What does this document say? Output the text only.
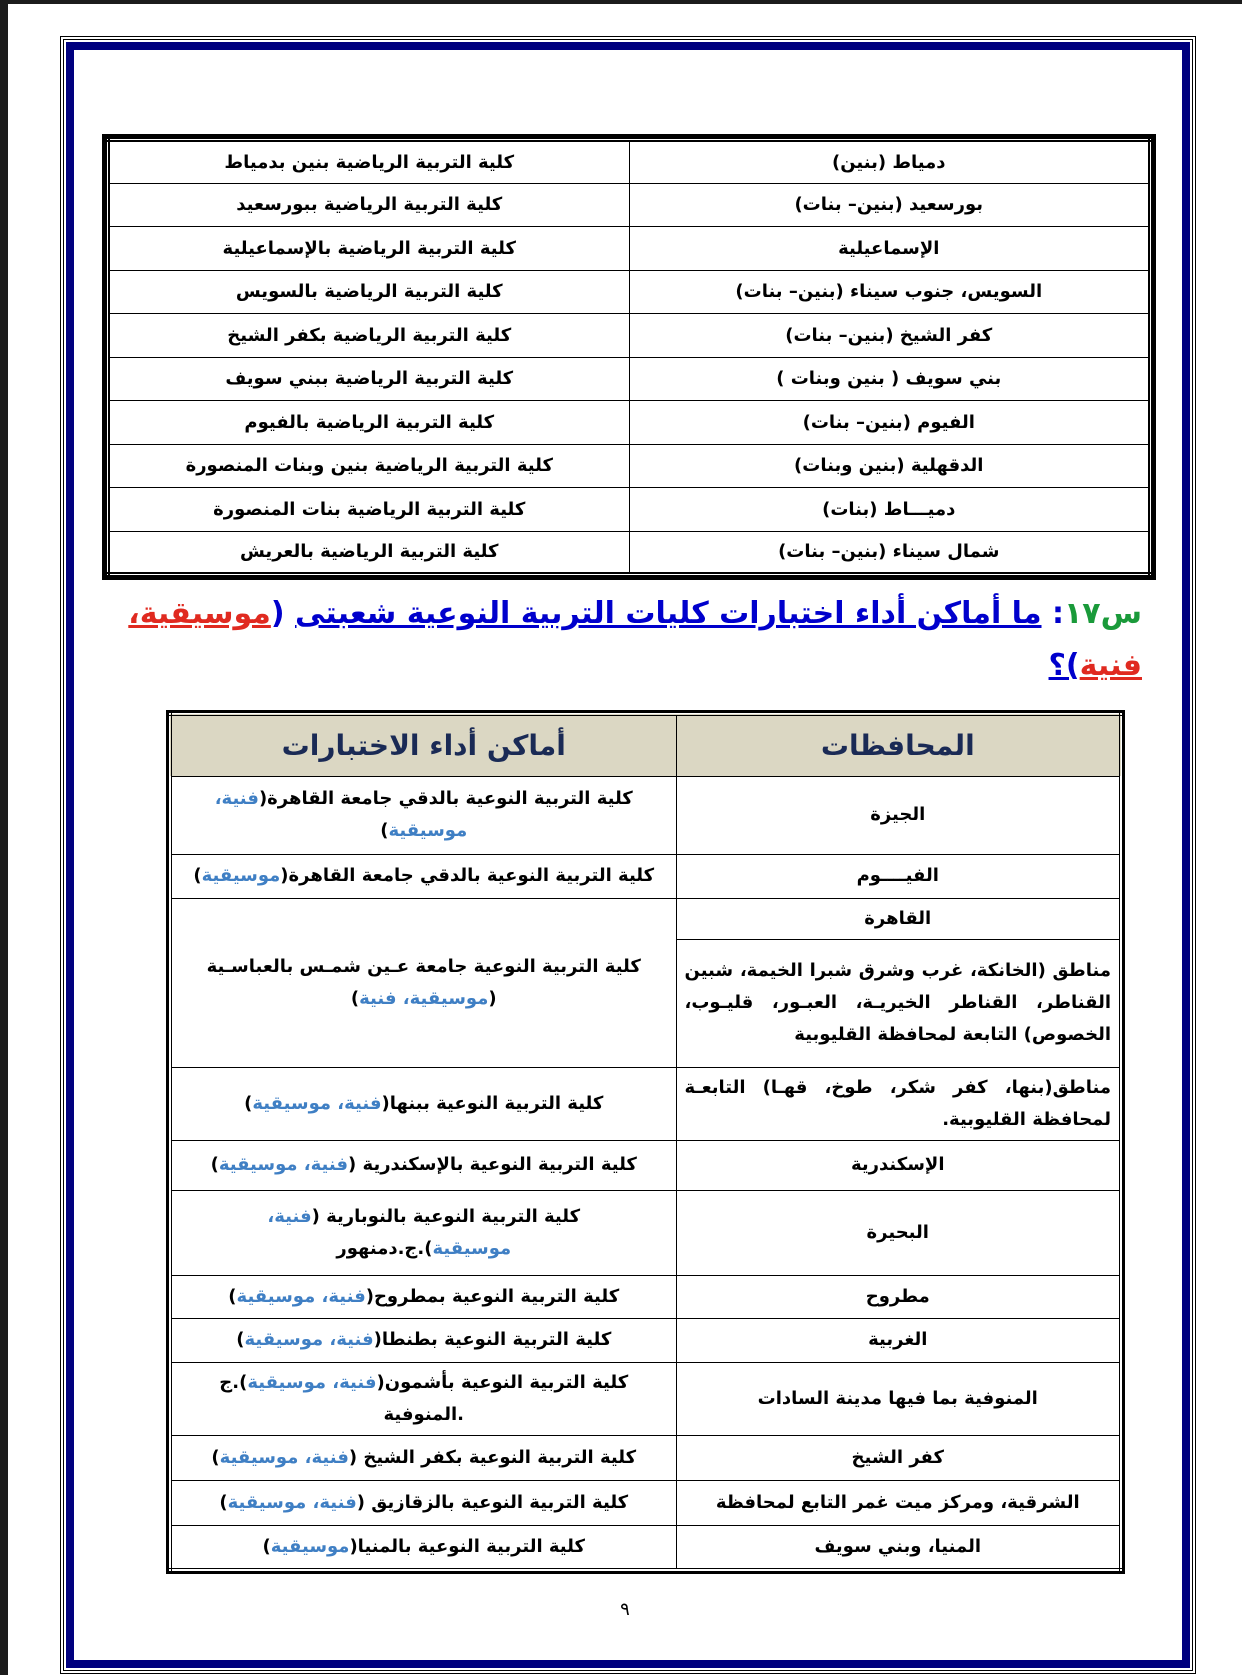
دمياط (بنين)	كلية التربية الرياضية بنين بدمياط
بورسعيد (بنين– بنات)	كلية التربية الرياضية ببورسعيد
الإسماعيلية	كلية التربية الرياضية بالإسماعيلية
السويس، جنوب سيناء (بنين– بنات)	كلية التربية الرياضية بالسويس
كفر الشيخ (بنين– بنات)	كلية التربية الرياضية بكفر الشيخ
بني سويف ( بنين وبنات )	كلية التربية الرياضية ببني سويف
الفيوم (بنين– بنات)	كلية التربية الرياضية بالفيوم
الدقهلية (بنين وبنات)	كلية التربية الرياضية بنين وبنات المنصورة
دميـــاط (بنات)	كلية التربية الرياضية بنات المنصورة
شمال سيناء (بنين– بنات)	كلية التربية الرياضية بالعريش
س١٧: ما أماكن أداء اختبارات كليات التربية النوعية شعبتى (موسيقية، فنية)؟
المحافظات	أماكن أداء الاختبارات
الجيزة	كلية التربية النوعية بالدقي جامعة القاهرة(فنية، موسيقية)
الفيــــوم	كلية التربية النوعية بالدقي جامعة القاهرة(موسيقية)
القاهرة	كلية التربية النوعية جامعة عـين شمـس بالعباسـية (موسيقية، فنية)
مناطق (الخانكة، غرب وشرق شبرا الخيمة، شبين القناطر، القناطر الخيريـة، العبـور، قليـوب، الخصوص) التابعة لمحافظة القليوبية	
مناطق(بنها، كفر شكر، طوخ، قهـا) التابعـة لمحافظة القليوبية.	كلية التربية النوعية ببنها(فنية، موسيقية)
الإسكندرية	كلية التربية النوعية بالإسكندرية (فنية، موسيقية)
البحيرة	كلية التربية النوعية بالنوبارية (فنية، موسيقية).ج.دمنهور
مطروح	كلية التربية النوعية بمطروح(فنية، موسيقية)
الغربية	كلية التربية النوعية بطنطا(فنية، موسيقية)
المنوفية بما فيها مدينة السادات	كلية التربية النوعية بأشمون(فنية، موسيقية).ج .المنوفية
كفر الشيخ	كلية التربية النوعية بكفر الشيخ (فنية، موسيقية)
الشرقية، ومركز ميت غمر التابع لمحافظة	كلية التربية النوعية بالزقازيق (فنية، موسيقية)
المنيا، وبني سويف	كلية التربية النوعية بالمنيا(موسيقية)
٩
